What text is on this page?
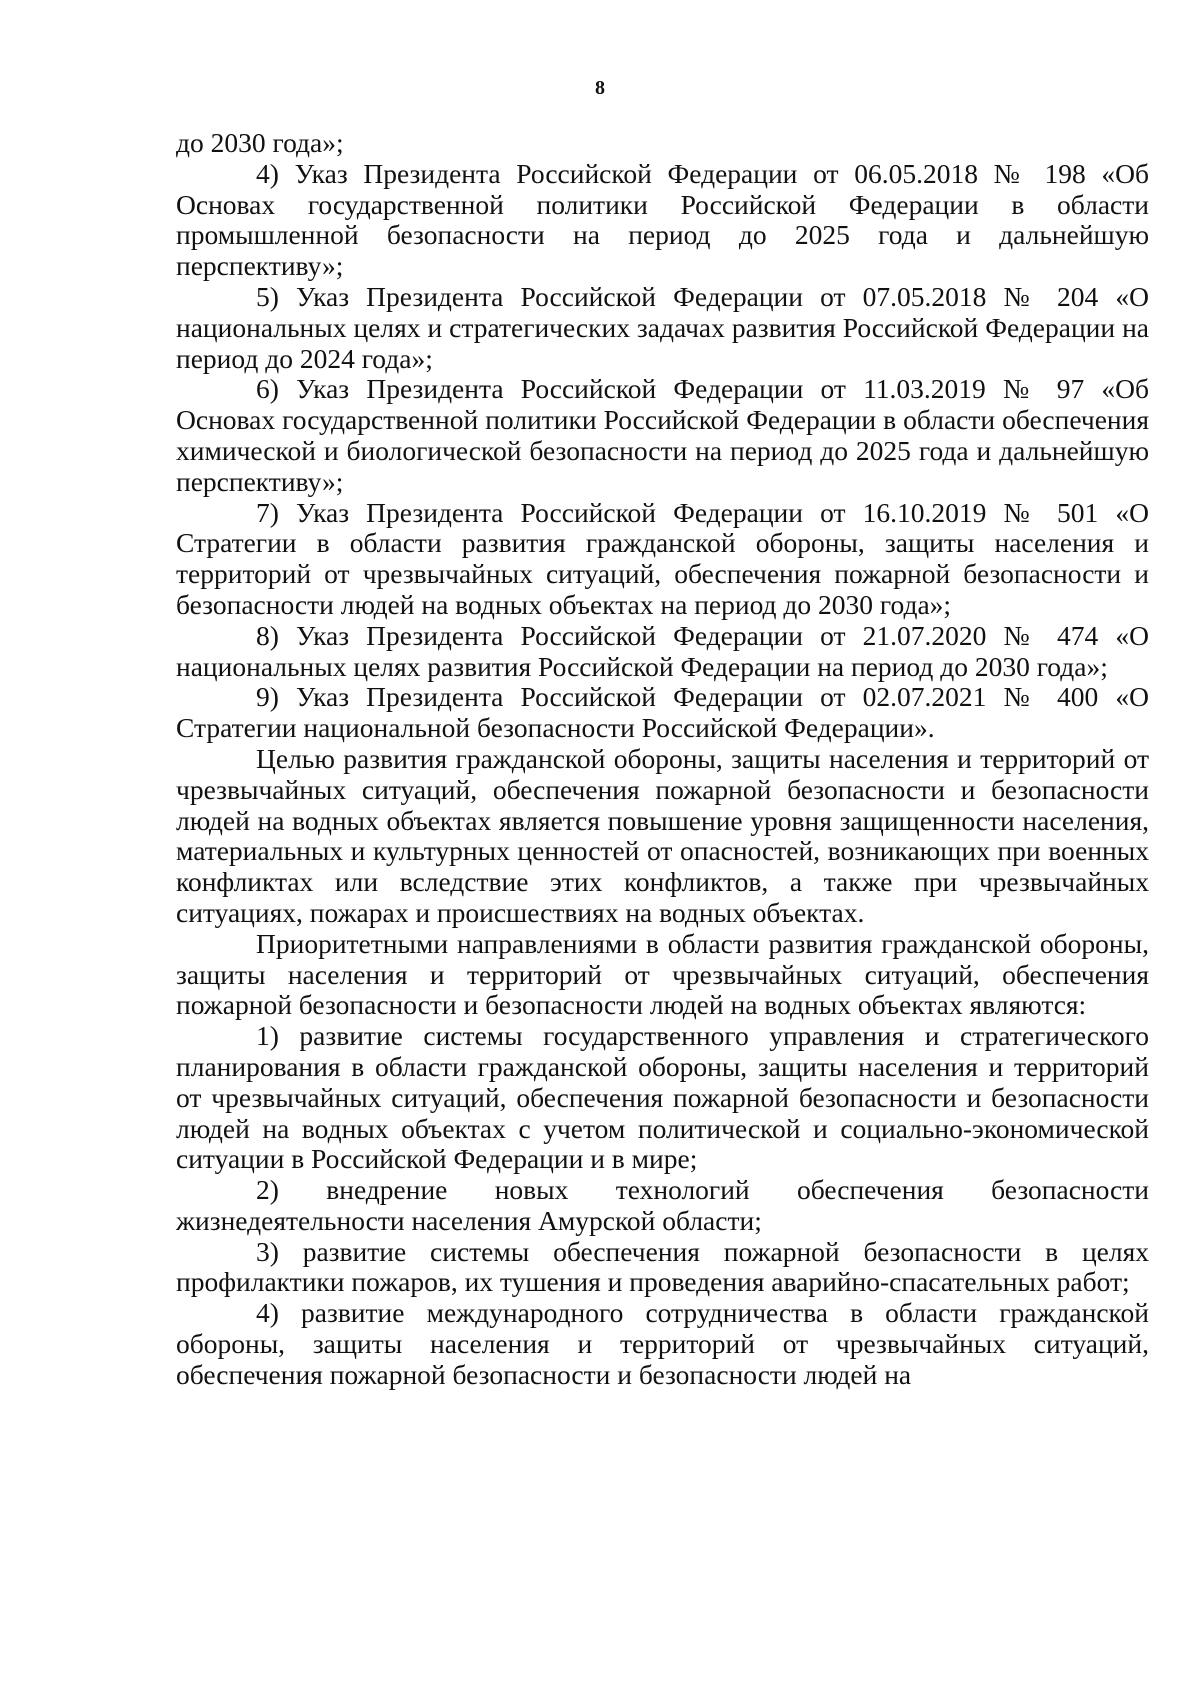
8

до 2030 года»;

4) Указ Президента Российской Федерации от 06.05.2018 № 198 «Об Основах государственной политики Российской Федерации в области промышленной безопасности на период до 2025 года и дальнейшую перспективу»;

5) Указ Президента Российской Федерации от 07.05.2018 № 204 «О национальных целях и стратегических задачах развития Российской Федерации на период до 2024 года»;

6) Указ Президента Российской Федерации от 11.03.2019 № 97 «Об Основах государственной политики Российской Федерации в области обеспечения химической и биологической безопасности на период до 2025 года и дальнейшую перспективу»;

7) Указ Президента Российской Федерации от 16.10.2019 № 501 «О Стратегии в области развития гражданской обороны, защиты населения и территорий от чрезвычайных ситуаций, обеспечения пожарной безопасности и безопасности людей на водных объектах на период до 2030 года»;

8) Указ Президента Российской Федерации от 21.07.2020 № 474 «О национальных целях развития Российской Федерации на период до 2030 года»;

9) Указ Президента Российской Федерации от 02.07.2021 № 400 «О Стратегии национальной безопасности Российской Федерации».

Целью развития гражданской обороны, защиты населения и территорий от чрезвычайных ситуаций, обеспечения пожарной безопасности и безопасности людей на водных объектах является повышение уровня защищенности населения, материальных и культурных ценностей от опасностей, возникающих при военных конфликтах или вследствие этих конфликтов, а также при чрезвычайных ситуациях, пожарах и происшествиях на водных объектах.

Приоритетными направлениями в области развития гражданской обороны, защиты населения и территорий от чрезвычайных ситуаций, обеспечения пожарной безопасности и безопасности людей на водных объектах являются:

1) развитие системы государственного управления и стратегического планирования в области гражданской обороны, защиты населения и территорий от чрезвычайных ситуаций, обеспечения пожарной безопасности и безопасности людей на водных объектах с учетом политической и социально-экономической ситуации в Российской Федерации и в мире;

2) внедрение новых технологий обеспечения безопасности жизнедеятельности населения Амурской области;

3) развитие системы обеспечения пожарной безопасности в целях профилактики пожаров, их тушения и проведения аварийно-спасательных работ;

4) развитие международного сотрудничества в области гражданской обороны, защиты населения и территорий от чрезвычайных ситуаций, обеспечения пожарной безопасности и безопасности людей на
